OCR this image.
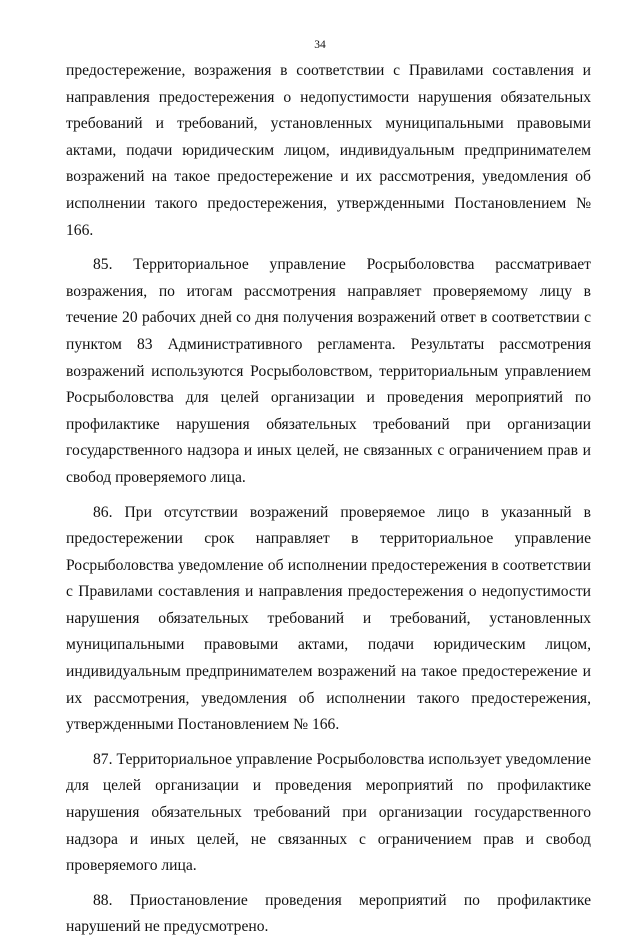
34

предостережение, возражения в соответствии с Правилами составления и направления предостережения о недопустимости нарушения обязательных требований и требований, установленных муниципальными правовыми актами, подачи юридическим лицом, индивидуальным предпринимателем возражений на такое предостережение и их рассмотрения, уведомления об исполнении такого предостережения, утвержденными Постановлением № 166.

85. Территориальное управление Росрыболовства рассматривает возражения, по итогам рассмотрения направляет проверяемому лицу в течение 20 рабочих дней со дня получения возражений ответ в соответствии с пунктом 83 Административного регламента. Результаты рассмотрения возражений используются Росрыболовством, территориальным управлением Росрыболовства для целей организации и проведения мероприятий по профилактике нарушения обязательных требований при организации государственного надзора и иных целей, не связанных с ограничением прав и свобод проверяемого лица.

86. При отсутствии возражений проверяемое лицо в указанный в предостережении срок направляет в территориальное управление Росрыболовства уведомление об исполнении предостережения в соответствии с Правилами составления и направления предостережения о недопустимости нарушения обязательных требований и требований, установленных муниципальными правовыми актами, подачи юридическим лицом, индивидуальным предпринимателем возражений на такое предостережение и их рассмотрения, уведомления об исполнении такого предостережения, утвержденными Постановлением № 166.

87. Территориальное управление Росрыболовства использует уведомление для целей организации и проведения мероприятий по профилактике нарушения обязательных требований при организации государственного надзора и иных целей, не связанных с ограничением прав и свобод проверяемого лица.

88. Приостановление проведения мероприятий по профилактике нарушений не предусмотрено.
